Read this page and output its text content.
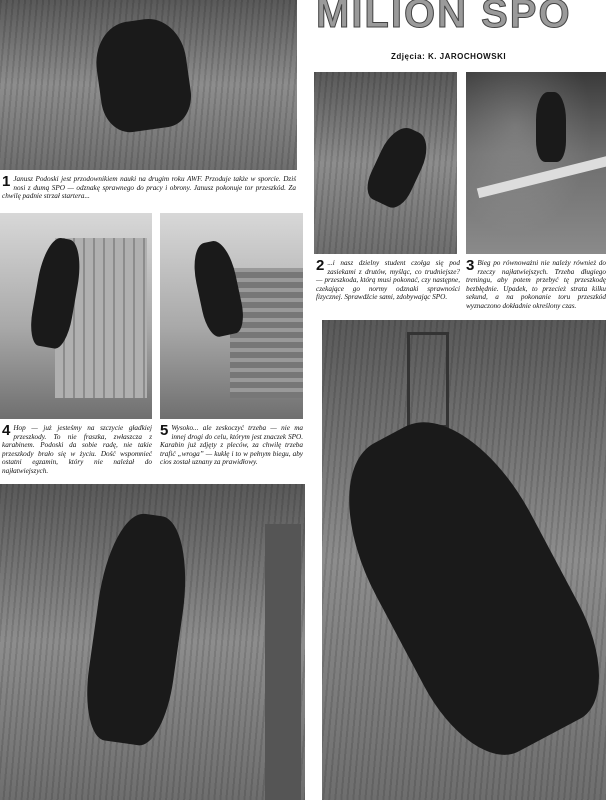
MILION SPO
Zdjęcia: K. JAROCHOWSKI
1 Janusz Podoski jest przodownikiem nauki na drugim roku AWF. Prz​oduje także w sporcie. Dziś nosi z dumą SPO — odznakę sprawnego do pracy i obrony. Janusz pokonuje tor przeszkód. Za chwilę padnie strzał startera...
2 ...i nasz dzielny student czołga się pod zasiekami z drutów, myśląc, co trudniejsze? — przeszkoda, którą musi pokonać, czy następne, czekające go normy odznaki sprawności fizycznej. Sprawdźcie sami, zdobywając SPO.
3 Bieg po równoważni nie należy również do rzeczy najłatwiejszych. Trzeba długiego treningu, aby potem przebyć tę przeszkodę bezbłędnie. Upadek, to przecież strata kilku sekund, a na pokonanie toru przeszkód wyznaczono dokładnie określony czas.
4 Hop — już jesteśmy na szczycie gładkiej przeszkody. To nie fraszka, zwłaszcza z karabinem. Podoski da sobie radę, nie takie przeszkody brało się w życiu. Dość wspomnieć ostatni egzamin, który nie należał do najłatwiejszych.
5 Wysoko... ale zeskoczyć trzeba — nie ma innej drogi do celu, którym jest znaczek SPO. Karabin już zdjęty z pleców, za chwilę trzeba trafić „wroga” — kukłę i to w pełnym biegu, aby cios został uznany za prawidłowy.
